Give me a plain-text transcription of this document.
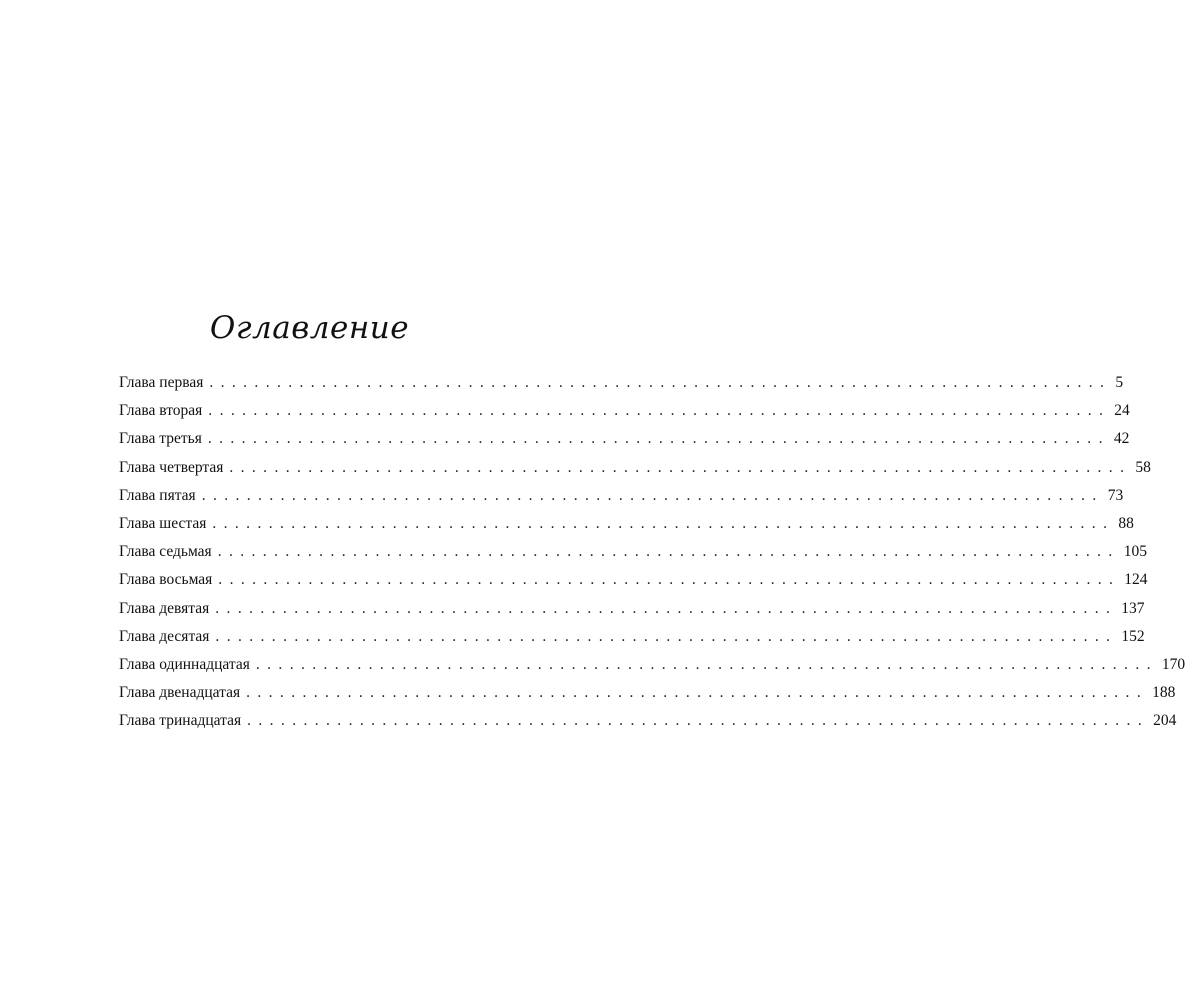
Оглавление
Глава первая ................................................................................ 5
Глава вторая ................................................................................ 24
Глава третья ................................................................................ 42
Глава четвертая ................................................................................ 58
Глава пятая ................................................................................ 73
Глава шестая ................................................................................ 88
Глава седьмая ................................................................................ 105
Глава восьмая ................................................................................ 124
Глава девятая ................................................................................ 137
Глава десятая ................................................................................ 152
Глава одиннадцатая ................................................................................ 170
Глава двенадцатая ................................................................................ 188
Глава тринадцатая ................................................................................ 204
